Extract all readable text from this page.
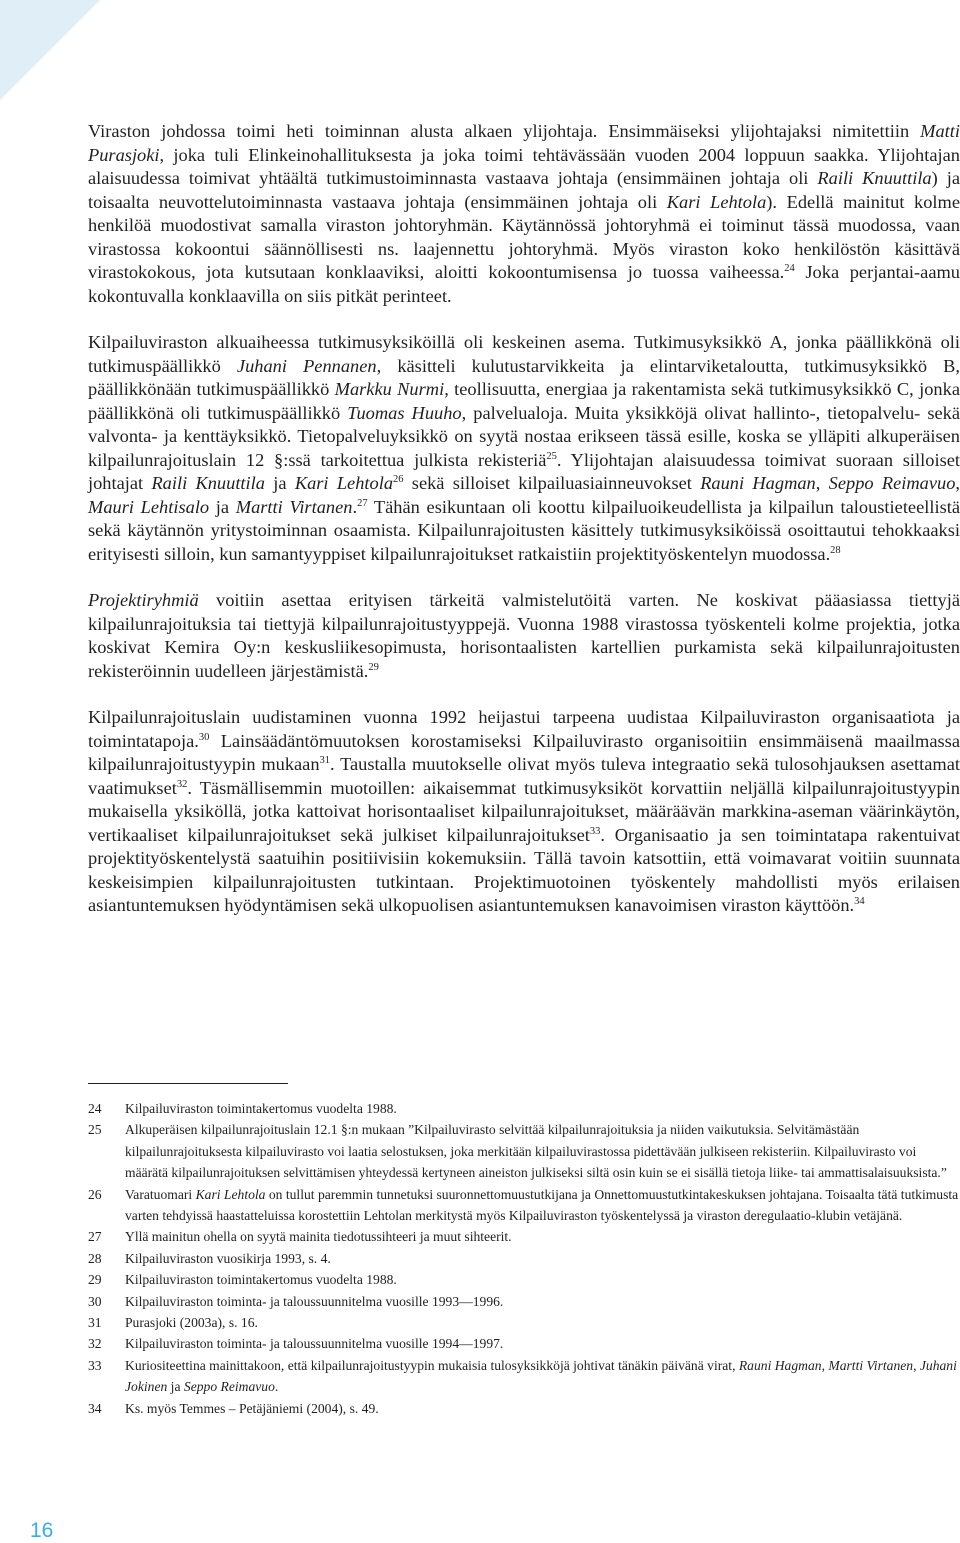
Viraston johdossa toimi heti toiminnan alusta alkaen ylijohtaja. Ensimmäiseksi ylijohtajaksi nimitettiin Matti Purasjoki, joka tuli Elinkeinohallituksesta ja joka toimi tehtävässään vuoden 2004 loppuun saakka. Ylijohtajan alaisuudessa toimivat yhtäältä tutkimustoiminnasta vastaava johtaja (ensimmäinen johtaja oli Raili Knuuttila) ja toisaalta neuvottelutoiminnasta vastaava johtaja (ensimmäinen johtaja oli Kari Lehtola). Edellä mainitut kolme henkilöä muodostivat samalla viraston johtoryhmän. Käytännössä johtoryhmä ei toiminut tässä muodossa, vaan virastossa kokoontui säännöllisesti ns. laajennettu johtoryhmä. Myös viraston koko henkilöstön käsittävä virastokokous, jota kutsutaan konklaaviksi, aloitti kokoontumisensa jo tuossa vaiheessa.$^{24}$ Joka perjantai-aamu kokontuvalla konklaavilla on siis pitkät perinteet.

Kilpailuviraston alkuaiheessa tutkimusyksiköillä oli keskeinen asema. Tutkimusyksikkö A, jonka päällikkönä oli tutkimuspäällikkö Juhani Pennanen, käsitteli kulutustarvikkeita ja elintarviketaloutta, tutkimusyksikkö B, päällikkönään tutkimuspäällikkö Markku Nurmi, teollisuutta, energiaa ja rakentamista sekä tutkimusyksikkö C, jonka päällikkönä oli tutkimuspäällikkö Tuomas Huuho, palvelualoja. Muita yksikköjä olivat hallinto-, tietopalvelu- sekä valvonta- ja kenttäyksikkö. Tietopalveluyksikkö on syytä nostaa erikseen tässä esille, koska se ylläpiti alkuperäisen kilpailunrajoituslain 12 §:ssä tarkoitettua julkista rekisteriä$^{25}$. Ylijohtajan alaisuudessa toimivat suoraan silloiset johtajat Raili Knuuttila ja Kari Lehtola$^{26}$ sekä silloiset kilpailuasiainneuvokset Rauni Hagman, Seppo Reimavuo, Mauri Lehtisalo ja Martti Virtanen.$^{27}$ Tähän esikuntaan oli koottu kilpailuoikeudellista ja kilpailun taloustieteellistä sekä käytännön yritystoiminnan osaamista. Kilpailunrajoitusten käsittely tutkimusyksiköissä osoittautui tehokkaaksi erityisesti silloin, kun samantyyppiset kilpailunrajoitukset ratkaistiin projektityöskentelyn muodossa.$^{28}$

Projektiryhmiä voitiin asettaa erityisen tärkeitä valmistelutöitä varten. Ne koskivat pääasiassa tiettyjä kilpailunrajoituksia tai tiettyjä kilpailunrajoitustyyppejä. Vuonna 1988 virastossa työskenteli kolme projektia, jotka koskivat Kemira Oy:n keskusliikesopimusta, horisontaalisten kartellien purkamista sekä kilpailunrajoitusten rekisteröinnin uudelleen järjestämistä.$^{29}$

Kilpailunrajoituslain uudistaminen vuonna 1992 heijastui tarpeena uudistaa Kilpailuviraston organisaatiota ja toimintatapoja.$^{30}$ Lainsäädäntömuutoksen korostamiseksi Kilpailuvirasto organisoitiin ensimmäisenä maailmassa kilpailunrajoitustyypin mukaan$^{31}$. Taustalla muutokselle olivat myös tuleva integraatio sekä tulosohjauksen asettamat vaatimukset$^{32}$. Täsmällisemmin muotoillen: aikaisemmat tutkimusyksiköt korvattiin neljällä kilpailunrajoitustyypin mukaisella yksiköllä, jotka kattoivat horisontaaliset kilpailunrajoitukset, määräävän markkina-aseman väärinkäytön, vertikaaliset kilpailunrajoitukset sekä julkiset kilpailunrajoitukset$^{33}$. Organisaatio ja sen toimintatapa rakentuivat projektityöskentelystä saatuihin positiivisiin kokemuksiin. Tällä tavoin katsottiin, että voimavarat voitiin suunnata keskeisimpien kilpailunrajoitusten tutkintaan. Projektimuotoinen työskentely mahdollisti myös erilaisen asiantuntemuksen hyödyntämisen sekä ulkopuolisen asiantuntemuksen kanavoimisen viraston käyttöön.$^{34}$

24	Kilpailuviraston toimintakertomus vuodelta 1988.
25	Alkuperäisen kilpailunrajoituslain 12.1 §:n mukaan ”Kilpailuvirasto selvittää kilpailunrajoituksia ja niiden vaikutuksia. Selvitämästään kilpailunrajoituksesta kilpailuvirasto voi laatia selostuksen, joka merkitään kilpailuvirastossa pidettävään julkiseen rekisteriin. Kilpailuvirasto voi määrätä kilpailunrajoituksen selvittämisen yhteydessä kertyneen aineiston julkiseksi siltä osin kuin se ei sisällä tietoja liike- tai ammattisalaisuuksista.”
26	Varatuomari Kari Lehtola on tullut paremmin tunnetuksi suuronnettomuustutkijana ja Onnettomuustutkintakeskuksen johtajana. Toisaalta tätä tutkimusta varten tehdyissä haastatteluissa korostettiin Lehtolan merkitystä myös Kilpailuviraston työskentelyssä ja viraston deregulaatio-klubin vetäjänä.
27	Yllä mainitun ohella on syytä mainita tiedotussihteeri ja muut sihteerit.
28	Kilpailuviraston vuosikirja 1993, s. 4.
29	Kilpailuviraston toimintakertomus vuodelta 1988.
30	Kilpailuviraston toiminta- ja taloussuunnitelma vuosille 1993—1996.
31	Purasjoki (2003a), s. 16.
32	Kilpailuviraston toiminta- ja taloussuunnitelma vuosille 1994—1997.
33	Kuriositeettina mainittakoon, että kilpailunrajoitustyypin mukaisia tulosyksikköjä johtivat tänäkin päivänä virat, Rauni Hagman, Martti Virtanen, Juhani Jokinen ja Seppo Reimavuo.
34	Ks. myös Temmes – Petäjäniemi (2004), s. 49.
16
